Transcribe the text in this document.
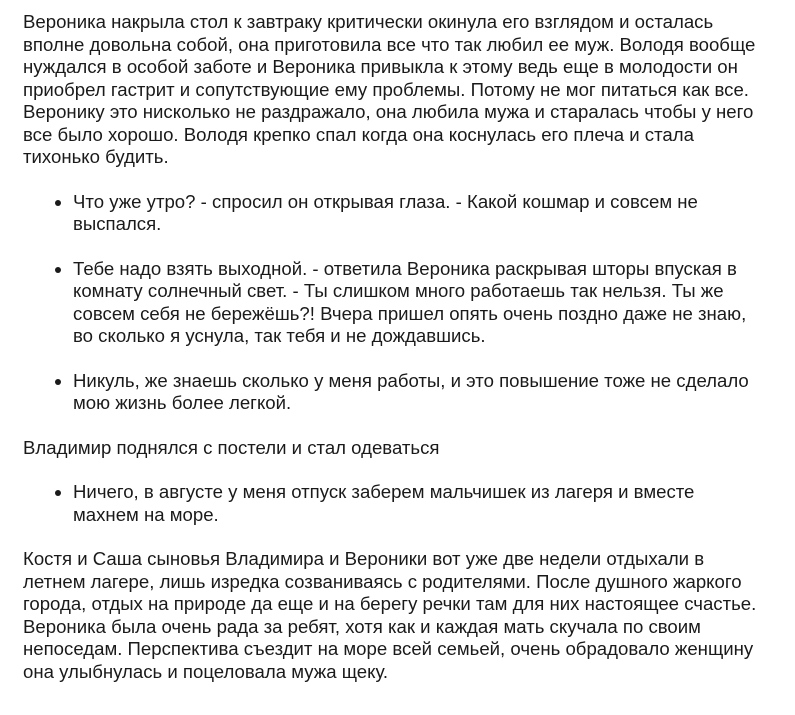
Вероника накрыла стол к завтраку критически окинула его взглядом и осталась вполне довольна собой, она приготовила все что так любил ее муж. Володя вообще нуждался в особой заботе и Вероника привыкла к этому ведь еще в молодости он приобрел гастрит и сопутствующие ему проблемы. Потому не мог питаться как все. Веронику это нисколько не раздражало, она любила мужа и старалась чтобы у него все было хорошо. Володя крепко спал когда она коснулась его плеча и стала тихонько будить.

Что уже утро? - спросил он открывая глаза. - Какой кошмар и совсем не выспался.
Тебе надо взять выходной. - ответила Вероника раскрывая шторы впуская в комнату солнечный свет. - Ты слишком много работаешь так нельзя. Ты же совсем себя не бережёшь?! Вчера пришел опять очень поздно даже не знаю, во сколько я уснула, так тебя и не дождавшись.
Никуль, же знаешь сколько у меня работы, и это повышение тоже не сделало мою жизнь более легкой.

Владимир поднялся с постели и стал одеваться

Ничего, в августе у меня отпуск заберем мальчишек из лагеря и вместе махнем на море.

Костя и Саша сыновья Владимира и Вероники вот уже две недели отдыхали в летнем лагере, лишь изредка созваниваясь с родителями. После душного жаркого города, отдых на природе да еще и на берегу речки там для них настоящее счастье. Вероника была очень рада за ребят, хотя как и каждая мать скучала по своим непоседам. Перспектива съездит на море всей семьей, очень обрадовало женщину она улыбнулась и поцеловала мужа щеку.
